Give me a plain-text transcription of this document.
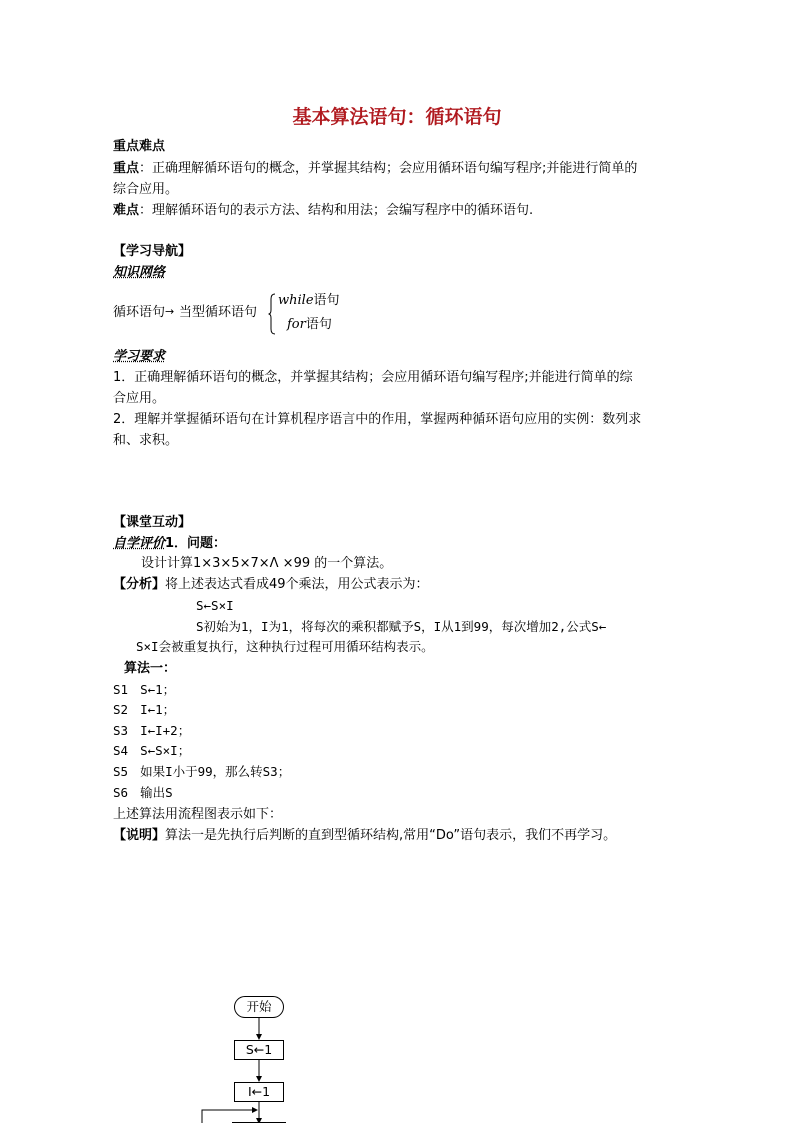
基本算法语句：循环语句
重点难点
重点：正确理解循环语句的概念，并掌握其结构；会应用循环语句编写程序;并能进行简单的
综合应用。
难点：理解循环语句的表示方法、结构和用法；会编写程序中的循环语句.
【学习导航】
知识网络
循环语句 → 当型循环语句
while语句
for语句
学习要求
1．正确理解循环语句的概念，并掌握其结构；会应用循环语句编写程序;并能进行简单的综
合应用。
2．理解并掌握循环语句在计算机程序语言中的作用，掌握两种循环语句应用的实例：数列求
和、求积。
【课堂互动】
自学评价1．问题：
设计计算1×3×5×7×Λ ×99 的一个算法。
【分析】将上述表达式看成49个乘法，用公式表示为：
S←S×I
S初始为1，I为1，将每次的乘积都赋予S，I从1到99，每次增加2,公式S←
S×I会被重复执行，这种执行过程可用循环结构表示。
算法一：
S1 S←1；
S2 I←1；
S3 I←I+2；
S4 S←S×I；
S5 如果I小于99，那么转S3；
S6 输出S
上述算法用流程图表示如下：
【说明】算法一是先执行后判断的直到型循环结构,常用“Do”语句表示，我们不再学习。
开始
S←1
I←1
